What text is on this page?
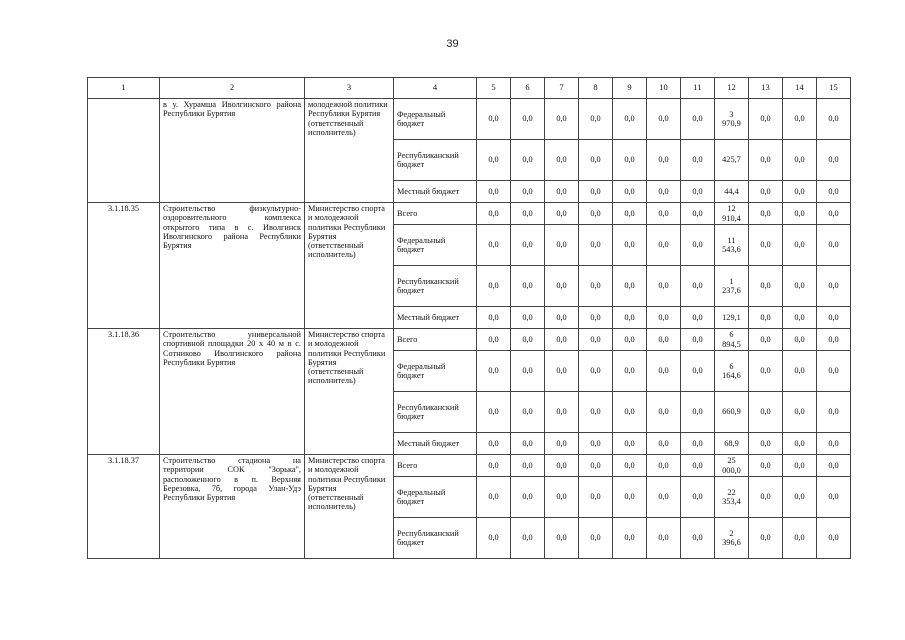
39
1	2	3	4	5	6	7	8	9	10	11	12	13	14	15
	в у. Хурамша Иволгинского района Республики Бурятия	молодежной политики Республики Бурятия (ответственный исполнитель)	Федеральный бюджет	0,0	0,0	0,0	0,0	0,0	0,0	0,0	3 970,9	0,0	0,0	0,0
			Республиканский бюджет	0,0	0,0	0,0	0,0	0,0	0,0	0,0	425,7	0,0	0,0	0,0
			Местный бюджет	0,0	0,0	0,0	0,0	0,0	0,0	0,0	44,4	0,0	0,0	0,0
3.1.18.35	Строительство физкультурно-оздоровительного комплекса открытого типа в с. Иволгинск Иволгинского района Республики Бурятия	Министерство спорта и молодежной политики Республики Бурятия (ответственный исполнитель)	Всего	0,0	0,0	0,0	0,0	0,0	0,0	0,0	12 910,4	0,0	0,0	0,0
			Федеральный бюджет	0,0	0,0	0,0	0,0	0,0	0,0	0,0	11 543,6	0,0	0,0	0,0
			Республиканский бюджет	0,0	0,0	0,0	0,0	0,0	0,0	0,0	1 237,6	0,0	0,0	0,0
			Местный бюджет	0,0	0,0	0,0	0,0	0,0	0,0	0,0	129,1	0,0	0,0	0,0
3.1.18.36	Строительство универсальной спортивной площадки 20 х 40 м в с. Сотниково Иволгинского района Республики Бурятия	Министерство спорта и молодежной политики Республики Бурятия (ответственный исполнитель)	Всего	0,0	0,0	0,0	0,0	0,0	0,0	0,0	6 894,5	0,0	0,0	0,0
			Федеральный бюджет	0,0	0,0	0,0	0,0	0,0	0,0	0,0	6 164,6	0,0	0,0	0,0
			Республиканский бюджет	0,0	0,0	0,0	0,0	0,0	0,0	0,0	660,9	0,0	0,0	0,0
			Местный бюджет	0,0	0,0	0,0	0,0	0,0	0,0	0,0	68,9	0,0	0,0	0,0
3.1.18.37	Строительство стадиона на территории СОК "Зорька", расположенного в п. Верхняя Березовка, 7б, города Улан-Удэ Республики Бурятия	Министерство спорта и молодежной политики Республики Бурятия (ответственный исполнитель)	Всего	0,0	0,0	0,0	0,0	0,0	0,0	0,0	25 000,0	0,0	0,0	0,0
			Федеральный бюджет	0,0	0,0	0,0	0,0	0,0	0,0	0,0	22 353,4	0,0	0,0	0,0
			Республиканский бюджет	0,0	0,0	0,0	0,0	0,0	0,0	0,0	2 396,6	0,0	0,0	0,0
